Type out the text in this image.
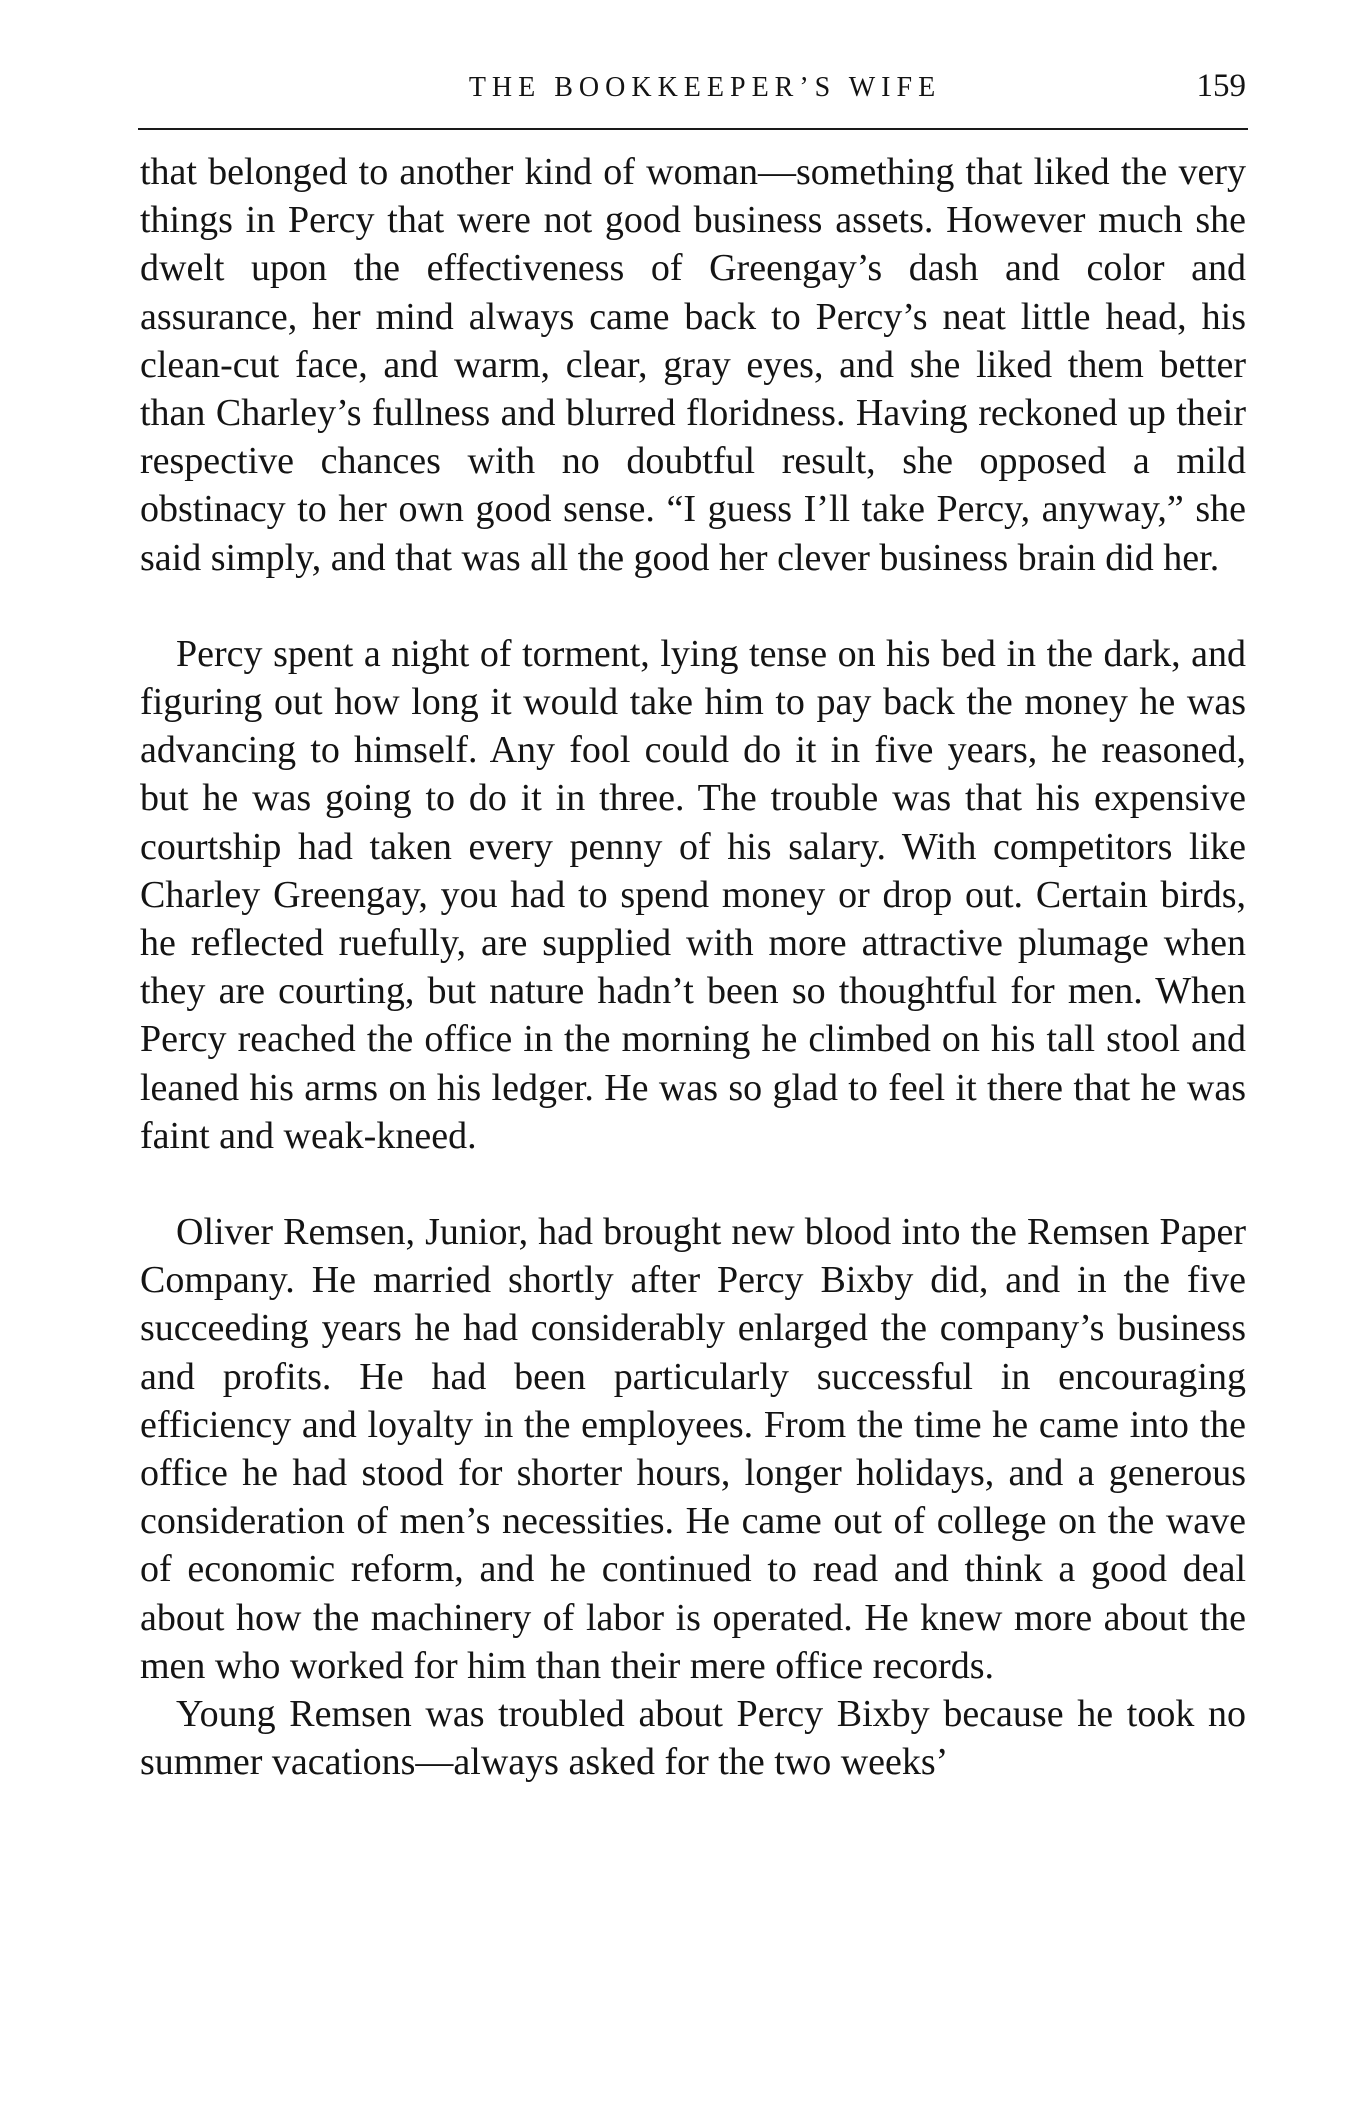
THE BOOKKEEPER’S WIFE	159

that belonged to another kind of woman—something that liked the very things in Percy that were not good business assets. However much she dwelt upon the effectiveness of Greengay’s dash and color and assurance, her mind always came back to Percy’s neat little head, his clean-cut face, and warm, clear, gray eyes, and she liked them better than Charley’s fullness and blurred floridness. Having reckoned up their respective chances with no doubtful result, she opposed a mild obstinacy to her own good sense. “I guess I’ll take Percy, anyway,” she said simply, and that was all the good her clever business brain did her.

Percy spent a night of torment, lying tense on his bed in the dark, and figuring out how long it would take him to pay back the money he was advancing to himself. Any fool could do it in five years, he reasoned, but he was going to do it in three. The trouble was that his expensive courtship had taken every penny of his salary. With competitors like Charley Greengay, you had to spend money or drop out. Certain birds, he reflected ruefully, are supplied with more attractive plumage when they are courting, but nature hadn’t been so thoughtful for men. When Percy reached the office in the morning he climbed on his tall stool and leaned his arms on his ledger. He was so glad to feel it there that he was faint and weak-kneed.

Oliver Remsen, Junior, had brought new blood into the Remsen Paper Company. He married shortly after Percy Bixby did, and in the five succeeding years he had considerably enlarged the company’s business and profits. He had been particularly successful in encouraging efficiency and loyalty in the employees. From the time he came into the office he had stood for shorter hours, longer holidays, and a generous consideration of men’s necessities. He came out of college on the wave of economic reform, and he continued to read and think a good deal about how the machinery of labor is operated. He knew more about the men who worked for him than their mere office records.

Young Remsen was troubled about Percy Bixby because he took no summer vacations—always asked for the two weeks’
